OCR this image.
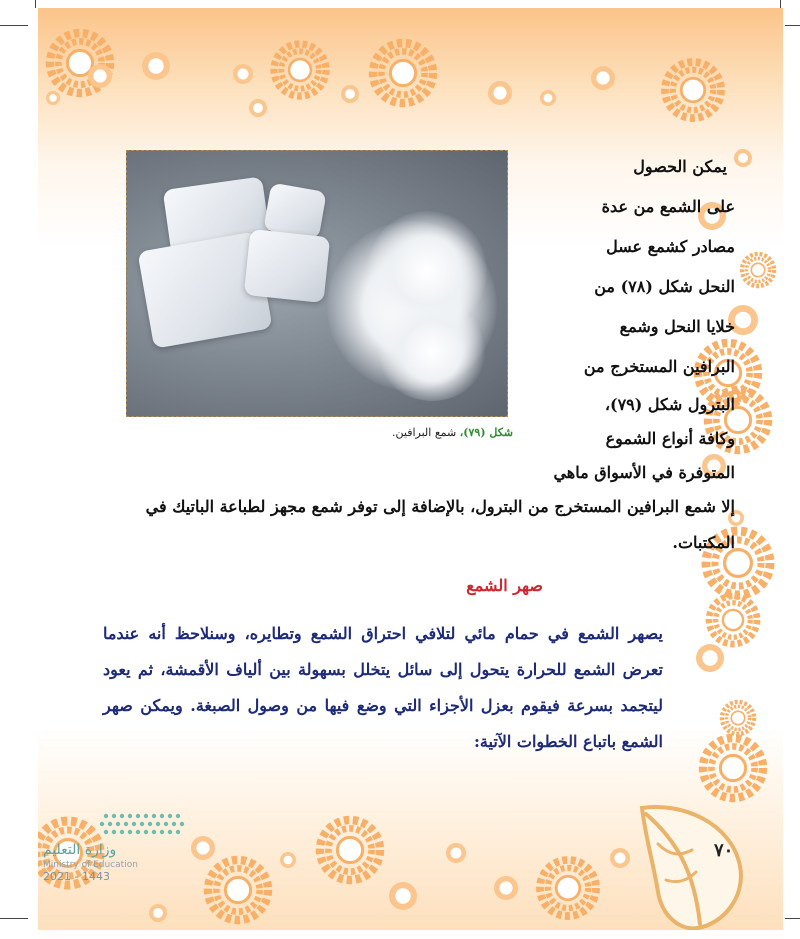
شكل (٧٩)، شمع البرافين.
يمكن الحصول
على الشمع من عدة
مصادر كشمع عسل
النحل شكل (٧٨) من
خلايا النحل وشمع
البرافين المستخرج من
البترول شكل (٧٩)،
وكافة أنواع الشموع
المتوفرة في الأسواق ماهي
إلا شمع البرافين المستخرج من البترول، بالإضافة إلى توفر شمع مجهز لطباعة الباتيك في
المكتبات.
صهر الشمع
يصهر الشمع في حمام مائي لتلافي احتراق الشمع وتطايره، وسنلاحظ أنه عندما تعرض الشمع للحرارة يتحول إلى سائل يتخلل بسهولة بين ألياف الأقمشة، ثم يعود ليتجمد بسرعة فيقوم بعزل الأجزاء التي وضع فيها من وصول الصبغة. ويمكن صهر الشمع باتباع الخطوات الآتية:
٧٠
وزارة التعليم
Ministry of Education
2021 - 1443
